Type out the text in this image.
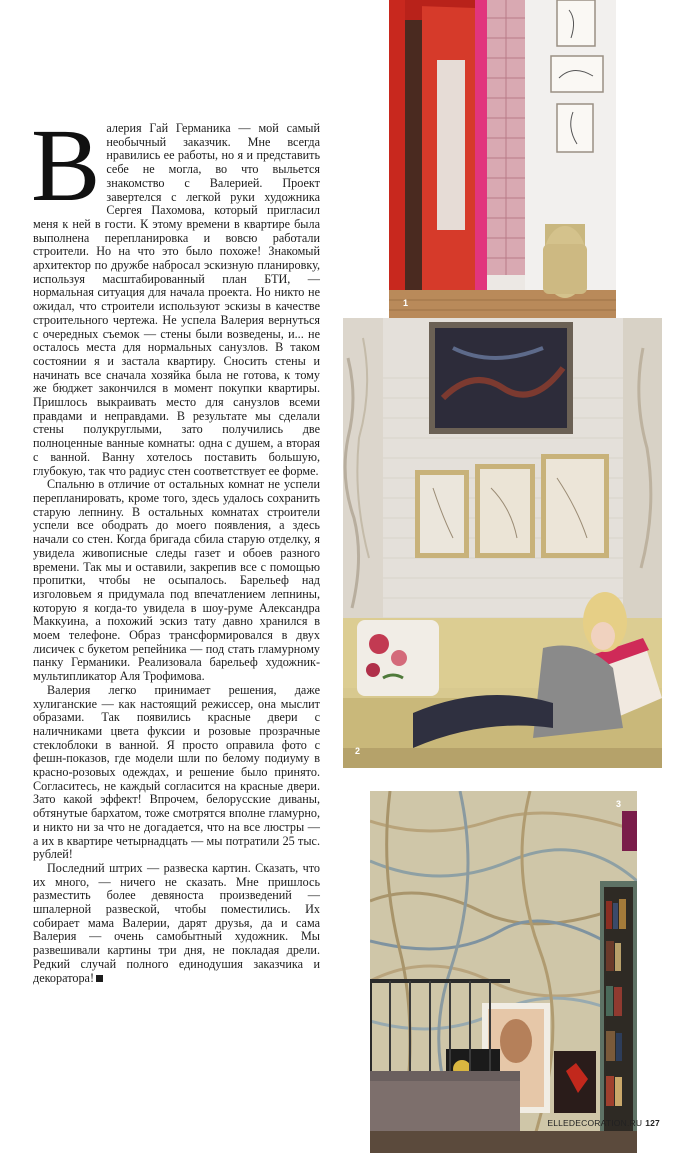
Валерия Гай Германика — мой самый необычный заказчик. Мне всегда нравились ее работы, но я и представить себе не могла, во что выльется знакомство с Валерией. Проект завертелся с легкой руки художника Сергея Пахомова, который пригласил меня к ней в гости. К этому времени в квартире была выполнена перепланировка и вовсю работали строители. Но на что это было похоже! Знакомый архитектор по дружбе набросал эскизную планировку, используя масштабированный план БТИ, — нормальная ситуация для начала проекта. Но никто не ожидал, что строители используют эскизы в качестве строительного чертежа. Не успела Валерия вернуться с очередных съемок — стены были возведены, и... не осталось места для нормальных санузлов. В таком состоянии я и застала квартиру. Сносить стены и начинать все сначала хозяйка была не готова, к тому же бюджет закончился в момент покупки квартиры. Пришлось выкраивать место для санузлов всеми правдами и неправдами. В результате мы сделали стены полукруглыми, зато получились две полноценные ванные комнаты: одна с душем, а вторая с ванной. Ванну хотелось поставить большую, глубокую, так что радиус стен соответствует ее форме.

Спальню в отличие от остальных комнат не успели перепланировать, кроме того, здесь удалось сохранить старую лепнину. В остальных комнатах строители успели все ободрать до моего появления, а здесь начали со стен. Когда бригада сбила старую отделку, я увидела живописные следы газет и обоев разного времени. Так мы и оставили, закрепив все с помощью пропитки, чтобы не осыпалось. Барельеф над изголовьем я придумала под впечатлением лепнины, которую я когда-то увидела в шоу-руме Александра Маккуина, а похожий эскиз тату давно хранился в моем телефоне. Образ трансформировался в двух лисичек с букетом репейника — под стать гламурному панку Германики. Реализовала барельеф художник-мультипликатор Аля Трофимова.

Валерия легко принимает решения, даже хулиганские — как настоящий режиссер, она мыслит образами. Так появились красные двери с наличниками цвета фуксии и розовые прозрачные стеклоблоки в ванной. Я просто оправила фото с фешн-показов, где модели шли по белому подиуму в красно-розовых одеждах, и решение было принято. Согласитесь, не каждый согласится на красные двери. Зато какой эффект! Впрочем, белорусские диваны, обтянутые бархатом, тоже смотрятся вполне гламурно, и никто ни за что не догадается, что на все люстры — а их в квартире четырнадцать — мы потратили 25 тыс. рублей!

Последний штрих — развеска картин. Сказать, что их много, — ничего не сказать. Мне пришлось разместить более девяноста произведений — шпалерной развеской, чтобы поместились. Их собирает мама Валерии, дарят друзья, да и сама Валерия — очень самобытный художник. Мы развешивали картины три дня, не покладая дрели. Редкий случай полного единодушия заказчика и декоратора!

1
2
3
ELLEDECORATION.RU 127
